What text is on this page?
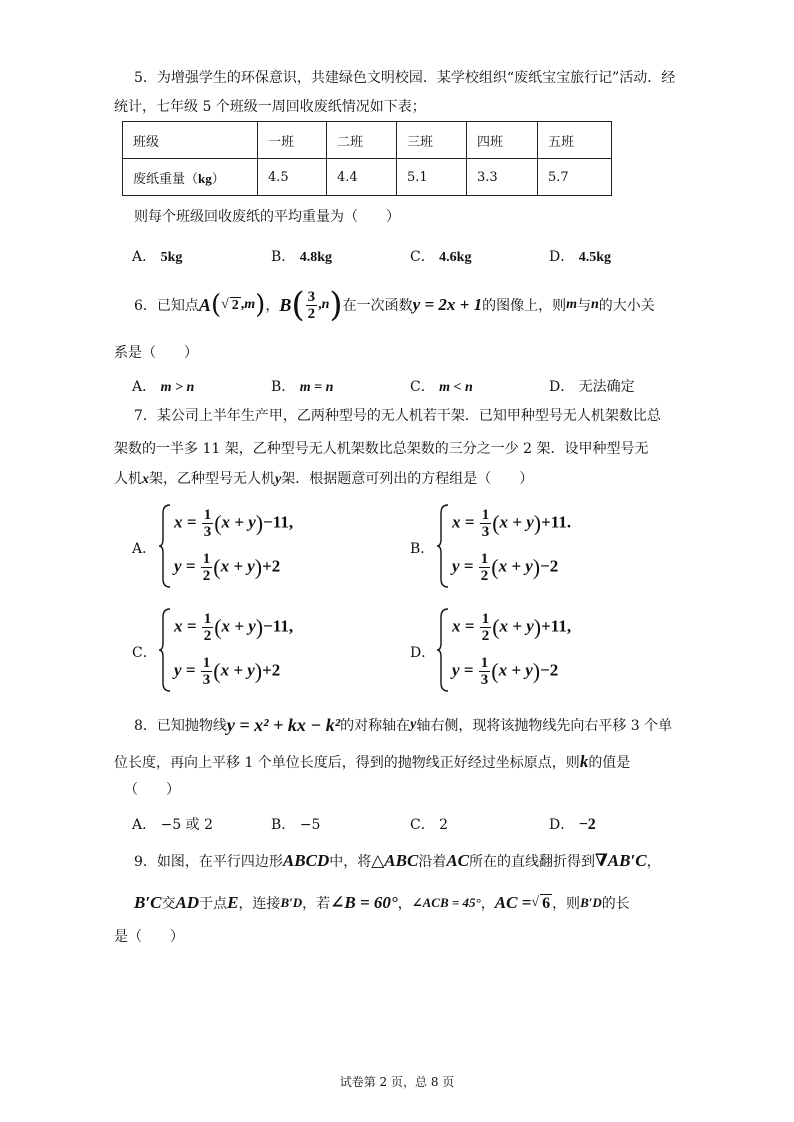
5．为增强学生的环保意识，共建绿色文明校园．某学校组织“废纸宝宝旅行记”活动．经
统计，七年级 5 个班级一周回收废纸情况如下表；
班级	一班	二班	三班	四班	五班
废纸重量（kg）	4.5	4.4	5.1	3.3	5.7
则每个班级回收废纸的平均重量为（　　）
A． 5kg	B． 4.8kg	C． 4.6kg	D． 4.5kg
6．已知点 A ( √ 2 , m ) ， B ( $\frac{3}{2}$ , n ) 在一次函数 y = 2x + 1 的图像上，则 m 与 n 的大小关
系是（　　）
A． m > n	B． m = n	C． m < n	D． 无法确定
7．某公司上半年生产甲，乙两种型号的无人机若干架．已知甲种型号无人机架数比总
架数的一半多 11 架，乙种型号无人机架数比总架数的三分之一少 2 架．设甲种型号无
人机x架，乙种型号无人机y架．根据题意可列出的方程组是（　　）
A．
$x = \frac{1}{3} (x + y)-11$,
$y = \frac{1}{2} (x + y)+2$
B．
$x = \frac{1}{3} (x + y)+11$.
$y = \frac{1}{2} (x + y)-2$
C．
$x = \frac{1}{2} (x + y)-11$,
$y = \frac{1}{3} (x + y)+2$
D．
$x = \frac{1}{2} (x + y)+11$,
$y = \frac{1}{3} (x + y)-2$
8．已知抛物线 y = x² + kx − k² 的对称轴在 y 轴右侧，现将该抛物线先向右平移 3 个单
位长度，再向上平移 1 个单位长度后，得到的抛物线正好经过坐标原点，则k的值是
（　　）
A． −5 或 2	B． −5	C． 2	D． −2
9．如图，在平行四边形 ABCD 中，将 △ABC 沿着 AC 所在的直线翻折得到 ∇AB′C ，
B′C 交 AD 于点 E ，连接 B′D ，若 ∠B = 60° ， ∠ACB = 45° ， AC = √ 6 ，则 B′D 的长
是（　　）
试卷第 2 页，总 8 页
